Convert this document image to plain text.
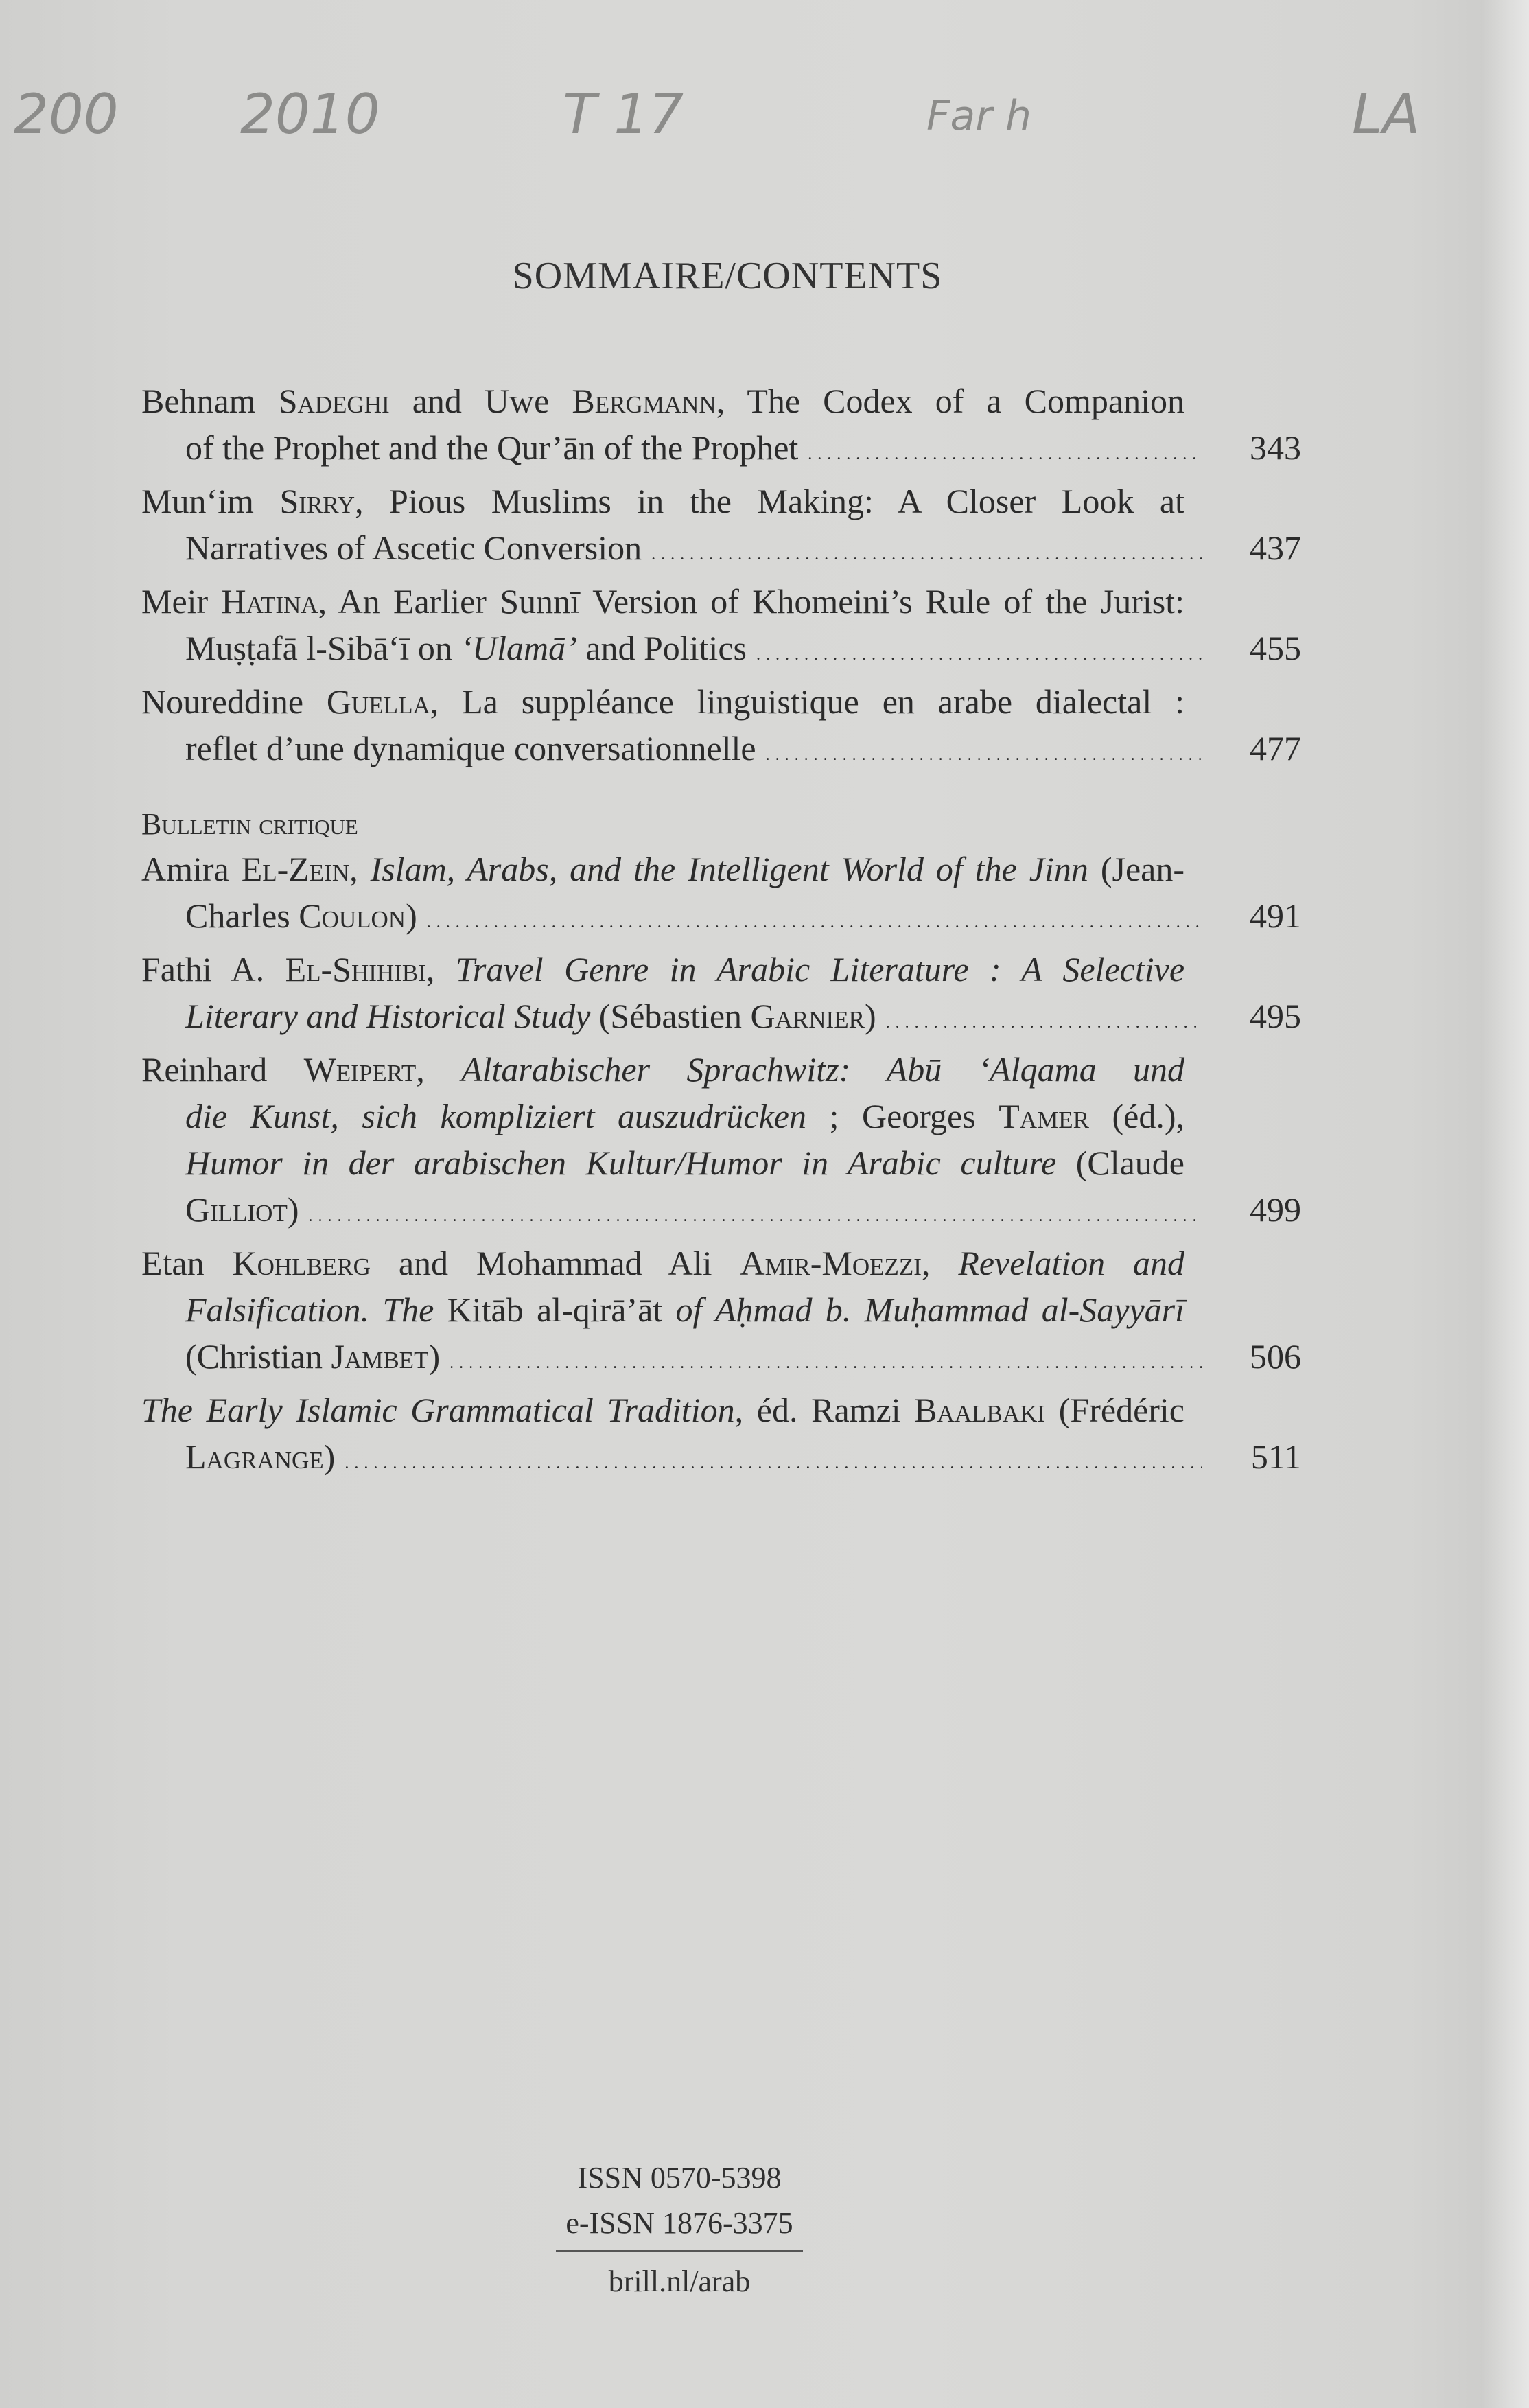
200 2010	T 17	Far h	LA
SOMMAIRE/CONTENTS
Behnam Sadeghi and Uwe Bergmann, The Codex of a Companion
of the Prophet and the Qur’ān of the Prophet . . .	343
Mun‘im Sirry, Pious Muslims in the Making: A Closer Look at
Narratives of Ascetic Conversion . . .	437
Meir Hatina, An Earlier Sunnī Version of Khomeini’s Rule of the Jurist:
Muṣṭafā l-Sibā‘ī on ‘Ulamā’ and Politics . . .	455
Noureddine Guella, La suppléance linguistique en arabe dialectal :
reflet d’une dynamique conversationnelle . . .	477
Bulletin critique
Amira El-Zein, Islam, Arabs, and the Intelligent World of the Jinn (Jean-
Charles Coulon) . . .	491
Fathi A. El-Shihibi, Travel Genre in Arabic Literature : A Selective
Literary and Historical Study (Sébastien Garnier) . . .	495
Reinhard Weipert, Altarabischer Sprachwitz: Abū ‘Alqama und
die Kunst, sich kompliziert auszudrücken ; Georges Tamer (éd.),
Humor in der arabischen Kultur/Humor in Arabic culture (Claude
Gilliot) . . .	499
Etan Kohlberg and Mohammad Ali Amir-Moezzi, Revelation and
Falsification. The Kitāb al-qirā’āt of Aḥmad b. Muḥammad al-Sayyārī
(Christian Jambet) . . .	506
The Early Islamic Grammatical Tradition, éd. Ramzi Baalbaki (Frédéric
Lagrange) . . .	511
ISSN 0570-5398
e-ISSN 1876-3375
brill.nl/arab
